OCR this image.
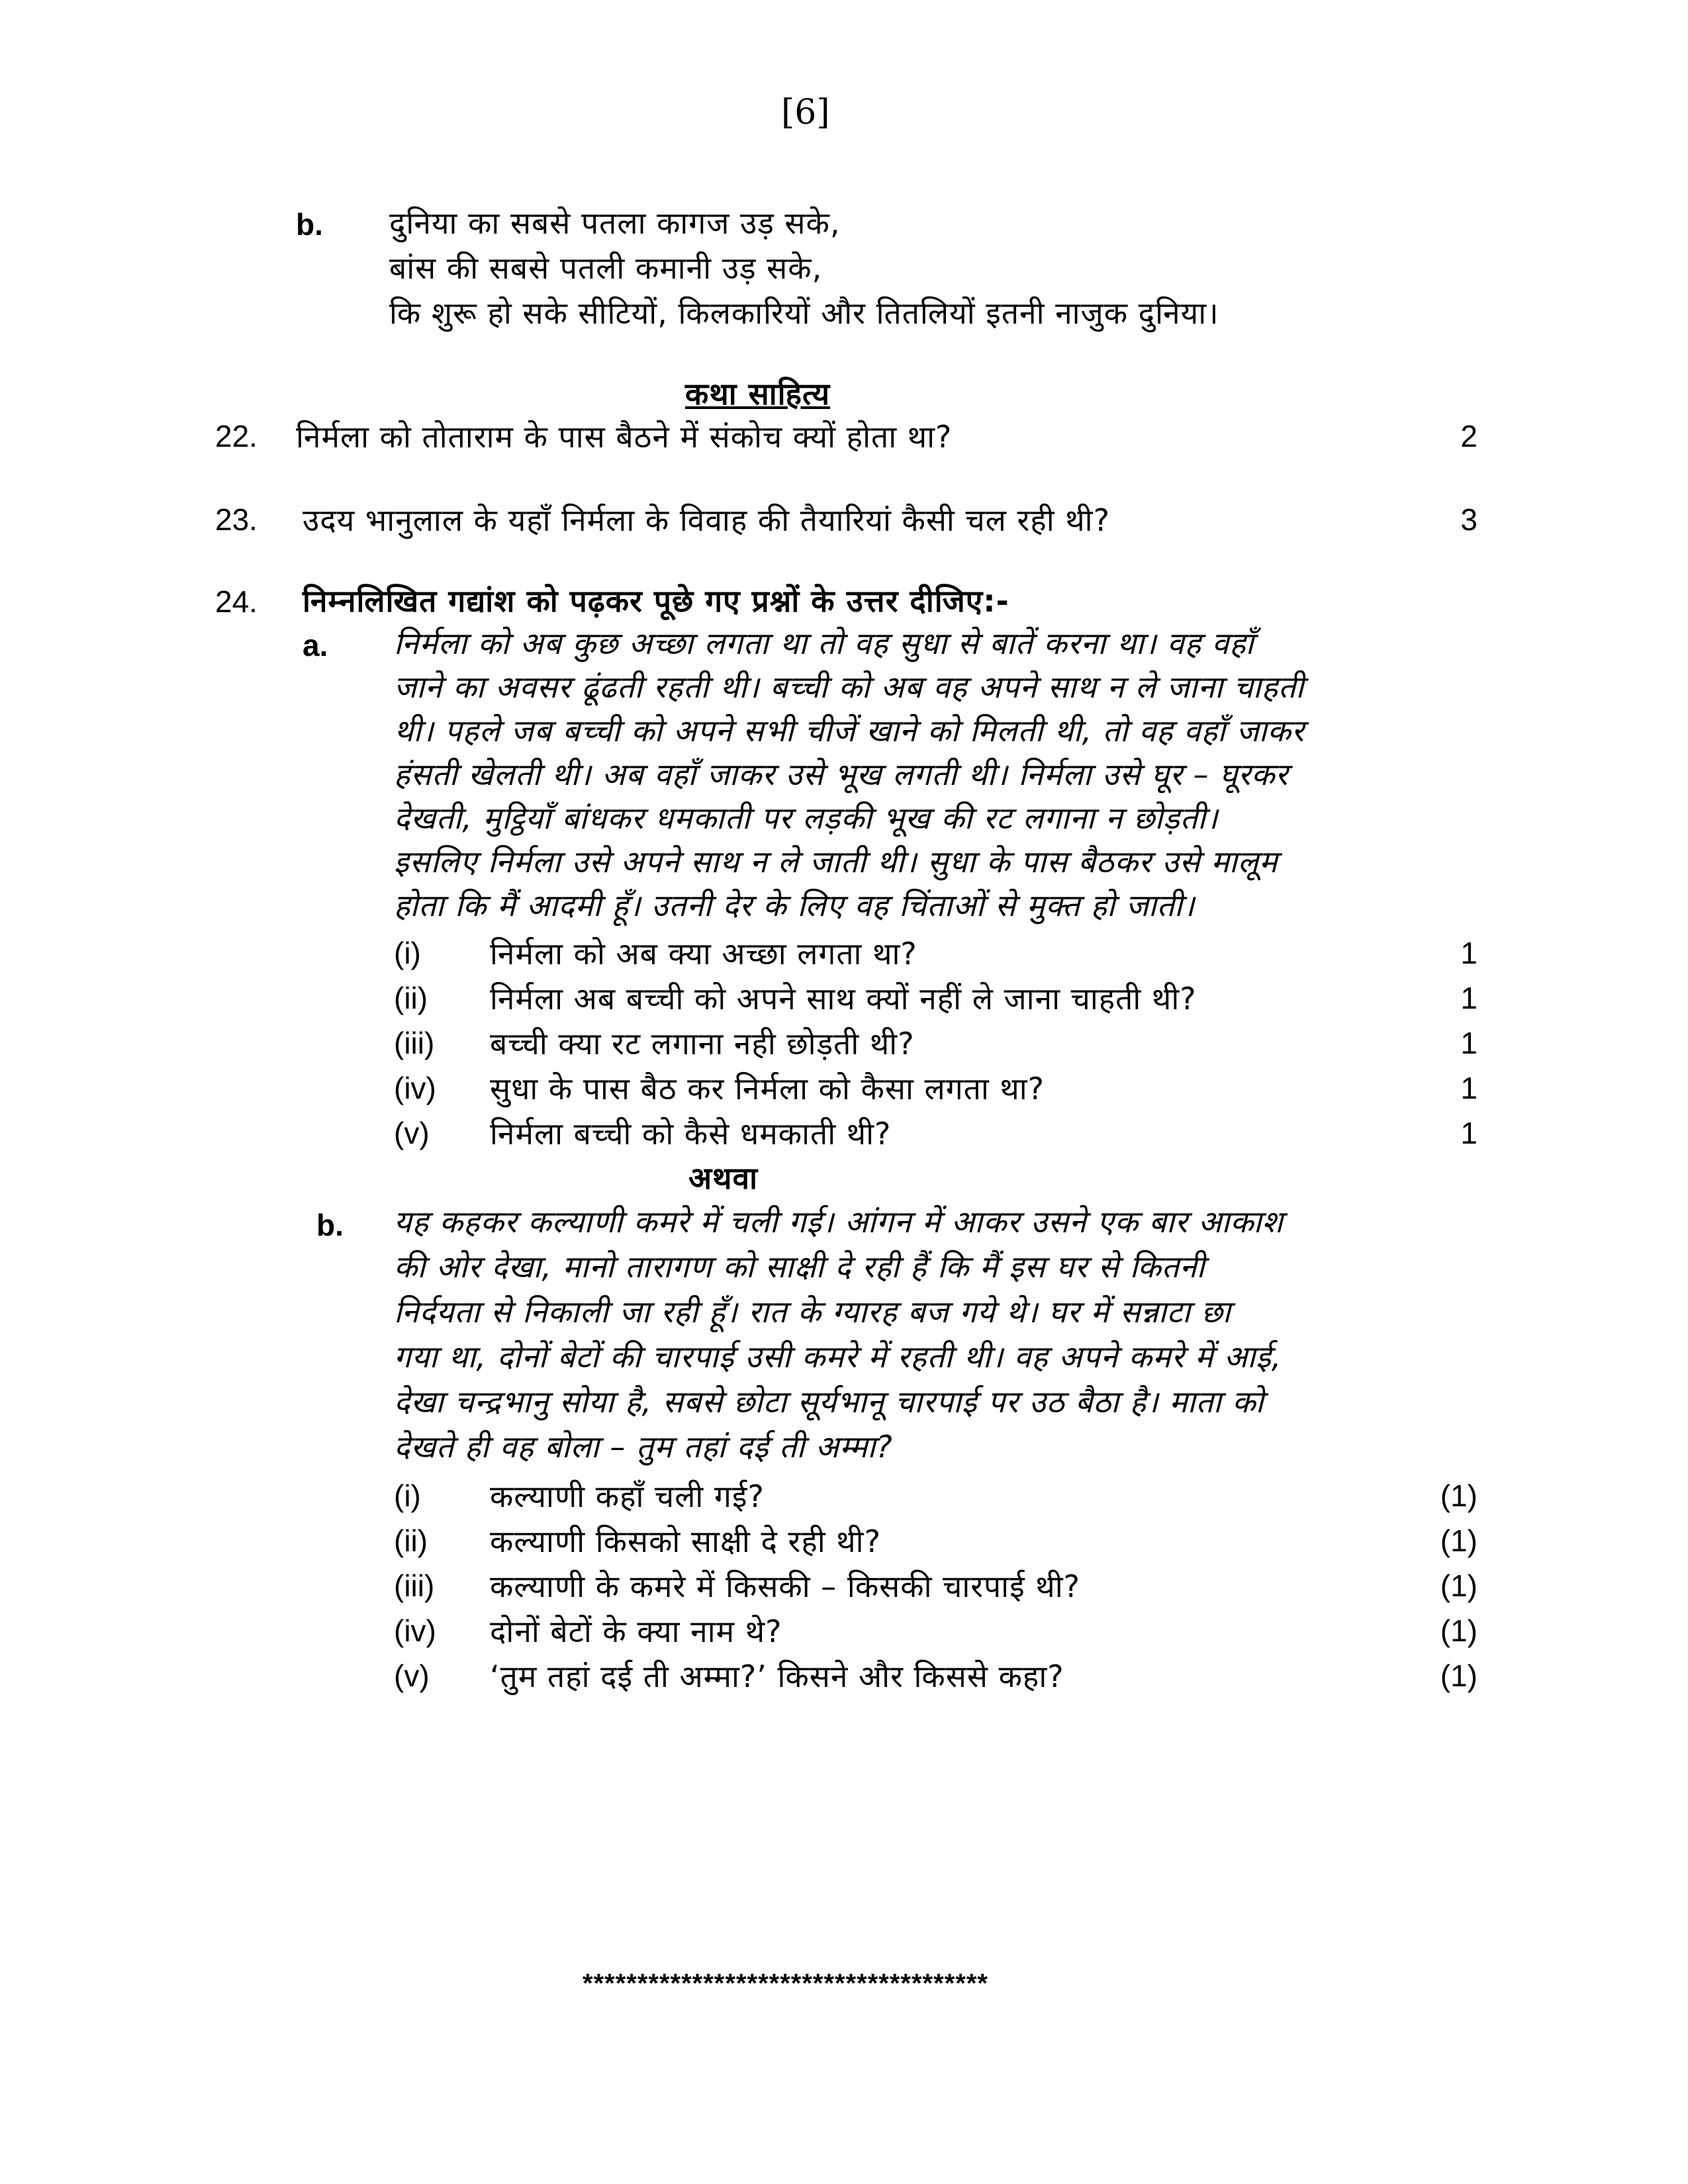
[6]
b. दुनिया का सबसे पतला कागज उड़ सके,
बांस की सबसे पतली कमानी उड़ सके,
कि शुरू हो सके सीटियों, किलकारियों और तितलियों इतनी नाजुक दुनिया।
कथा साहित्य
22. निर्मला को तोताराम के पास बैठने में संकोच क्यों होता था?	2
23. उदय भानुलाल के यहाँ निर्मला के विवाह की तैयारियां कैसी चल रही थी?	3
24. निम्नलिखित गद्यांश को पढ़कर पूछे गए प्रश्नों के उत्तर दीजिए:-
a. निर्मला को अब कुछ अच्छा लगता था तो वह सुधा से बातें करना था। वह वहाँ
जाने का अवसर ढूंढती रहती थी। बच्ची को अब वह अपने साथ न ले जाना चाहती
थी। पहले जब बच्ची को अपने सभी चीजें खाने को मिलती थी, तो वह वहाँ जाकर
हंसती खेलती थी। अब वहाँ जाकर उसे भूख लगती थी। निर्मला उसे घूर – घूरकर
देखती, मुट्ठियाँ बांधकर धमकाती पर लड़की भूख की रट लगाना न छोड़ती।
इसलिए निर्मला उसे अपने साथ न ले जाती थी। सुधा के पास बैठकर उसे मालूम
होता कि मैं आदमी हूँ। उतनी देर के लिए वह चिंताओं से मुक्त हो जाती।
(i) निर्मला को अब क्या अच्छा लगता था?	1
(ii) निर्मला अब बच्ची को अपने साथ क्यों नहीं ले जाना चाहती थी?	1
(iii) बच्ची क्या रट लगाना नही छोड़ती थी?	1
(iv) सुधा के पास बैठ कर निर्मला को कैसा लगता था?	1
(v) निर्मला बच्ची को कैसे धमकाती थी?	1
अथवा
b. यह कहकर कल्याणी कमरे में चली गई। आंगन में आकर उसने एक बार आकाश
की ओर देखा, मानो तारागण को साक्षी दे रही हैं कि मैं इस घर से कितनी
निर्दयता से निकाली जा रही हूँ। रात के ग्यारह बज गये थे। घर में सन्नाटा छा
गया था, दोनों बेटों की चारपाई उसी कमरे में रहती थी। वह अपने कमरे में आई,
देखा चन्द्रभानु सोया है, सबसे छोटा सूर्यभानू चारपाई पर उठ बैठा है। माता को
देखते ही वह बोला – तुम तहां दई ती अम्मा?
(i) कल्याणी कहाँ चली गई?	(1)
(ii) कल्याणी किसको साक्षी दे रही थी?	(1)
(iii) कल्याणी के कमरे में किसकी – किसकी चारपाई थी?	(1)
(iv) दोनों बेटों के क्या नाम थे?	(1)
(v) ‘तुम तहां दई ती अम्मा?’ किसने और किससे कहा?	(1)
*************************************
